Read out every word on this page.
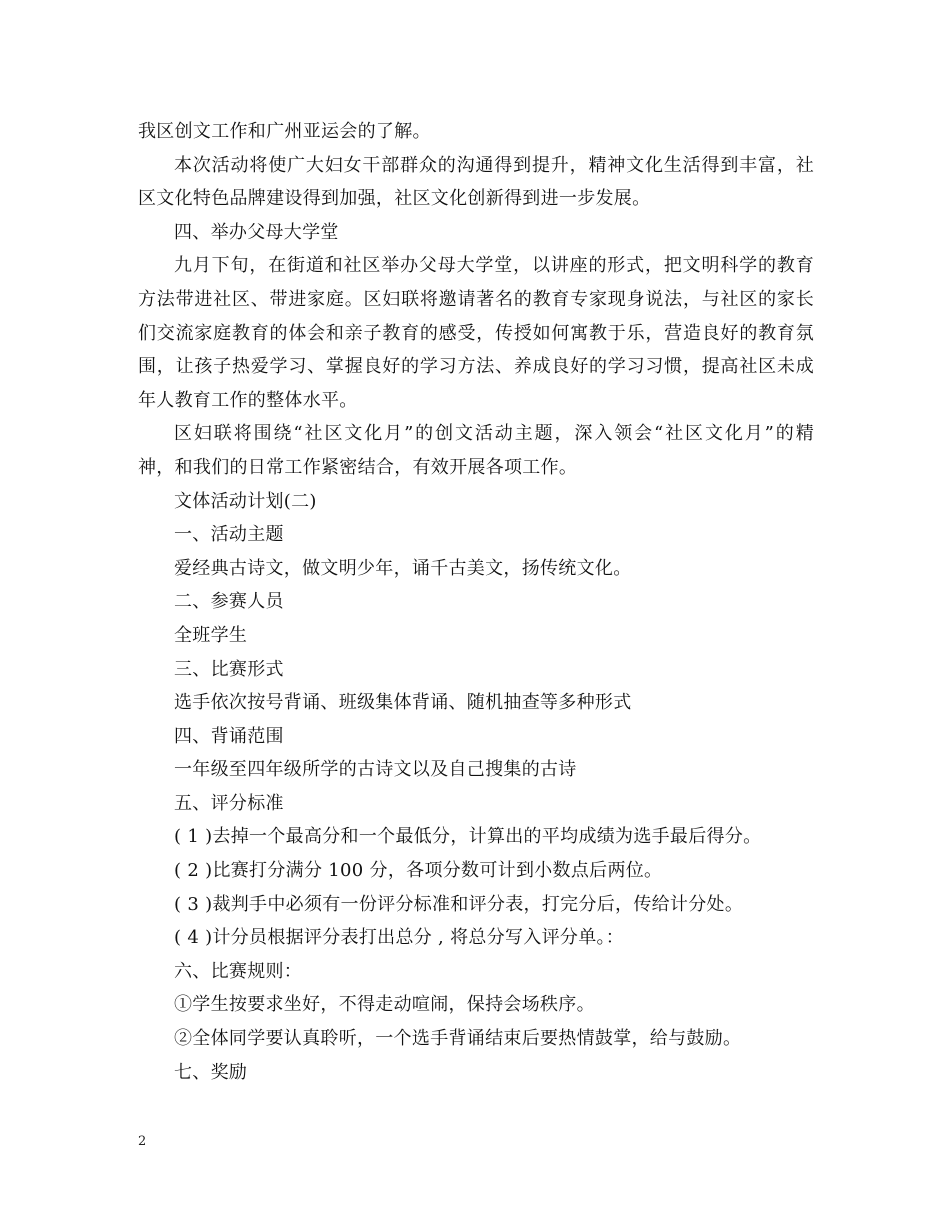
我区创文工作和广州亚运会的了解。
本次活动将使广大妇女干部群众的沟通得到提升，精神文化生活得到丰富，社
区文化特色品牌建设得到加强，社区文化创新得到进一步发展。
四、举办父母大学堂
九月下旬，在街道和社区举办父母大学堂，以讲座的形式，把文明科学的教育
方法带进社区、带进家庭。区妇联将邀请著名的教育专家现身说法，与社区的家长
们交流家庭教育的体会和亲子教育的感受，传授如何寓教于乐，营造良好的教育氛
围，让孩子热爱学习、掌握良好的学习方法、养成良好的学习习惯，提高社区未成
年人教育工作的整体水平。
区妇联将围绕“社区文化月”的创文活动主题，深入领会“社区文化月”的精
神，和我们的日常工作紧密结合，有效开展各项工作。
文体活动计划(二)
一、活动主题
爱经典古诗文，做文明少年，诵千古美文，扬传统文化。
二、参赛人员
全班学生
三、比赛形式
选手依次按号背诵、班级集体背诵、随机抽查等多种形式
四、背诵范围
一年级至四年级所学的古诗文以及自己搜集的古诗
五、评分标准
( 1 )去掉一个最高分和一个最低分，计算出的平均成绩为选手最后得分。
( 2 )比赛打分满分 100 分，各项分数可计到小数点后两位。
( 3 )裁判手中必须有一份评分标准和评分表，打完分后，传给计分处。
( 4 )计分员根据评分表打出总分 , 将总分写入评分单。：
六、比赛规则：
①学生按要求坐好，不得走动喧闹，保持会场秩序。
②全体同学要认真聆听，一个选手背诵结束后要热情鼓掌，给与鼓励。
七、奖励
2
